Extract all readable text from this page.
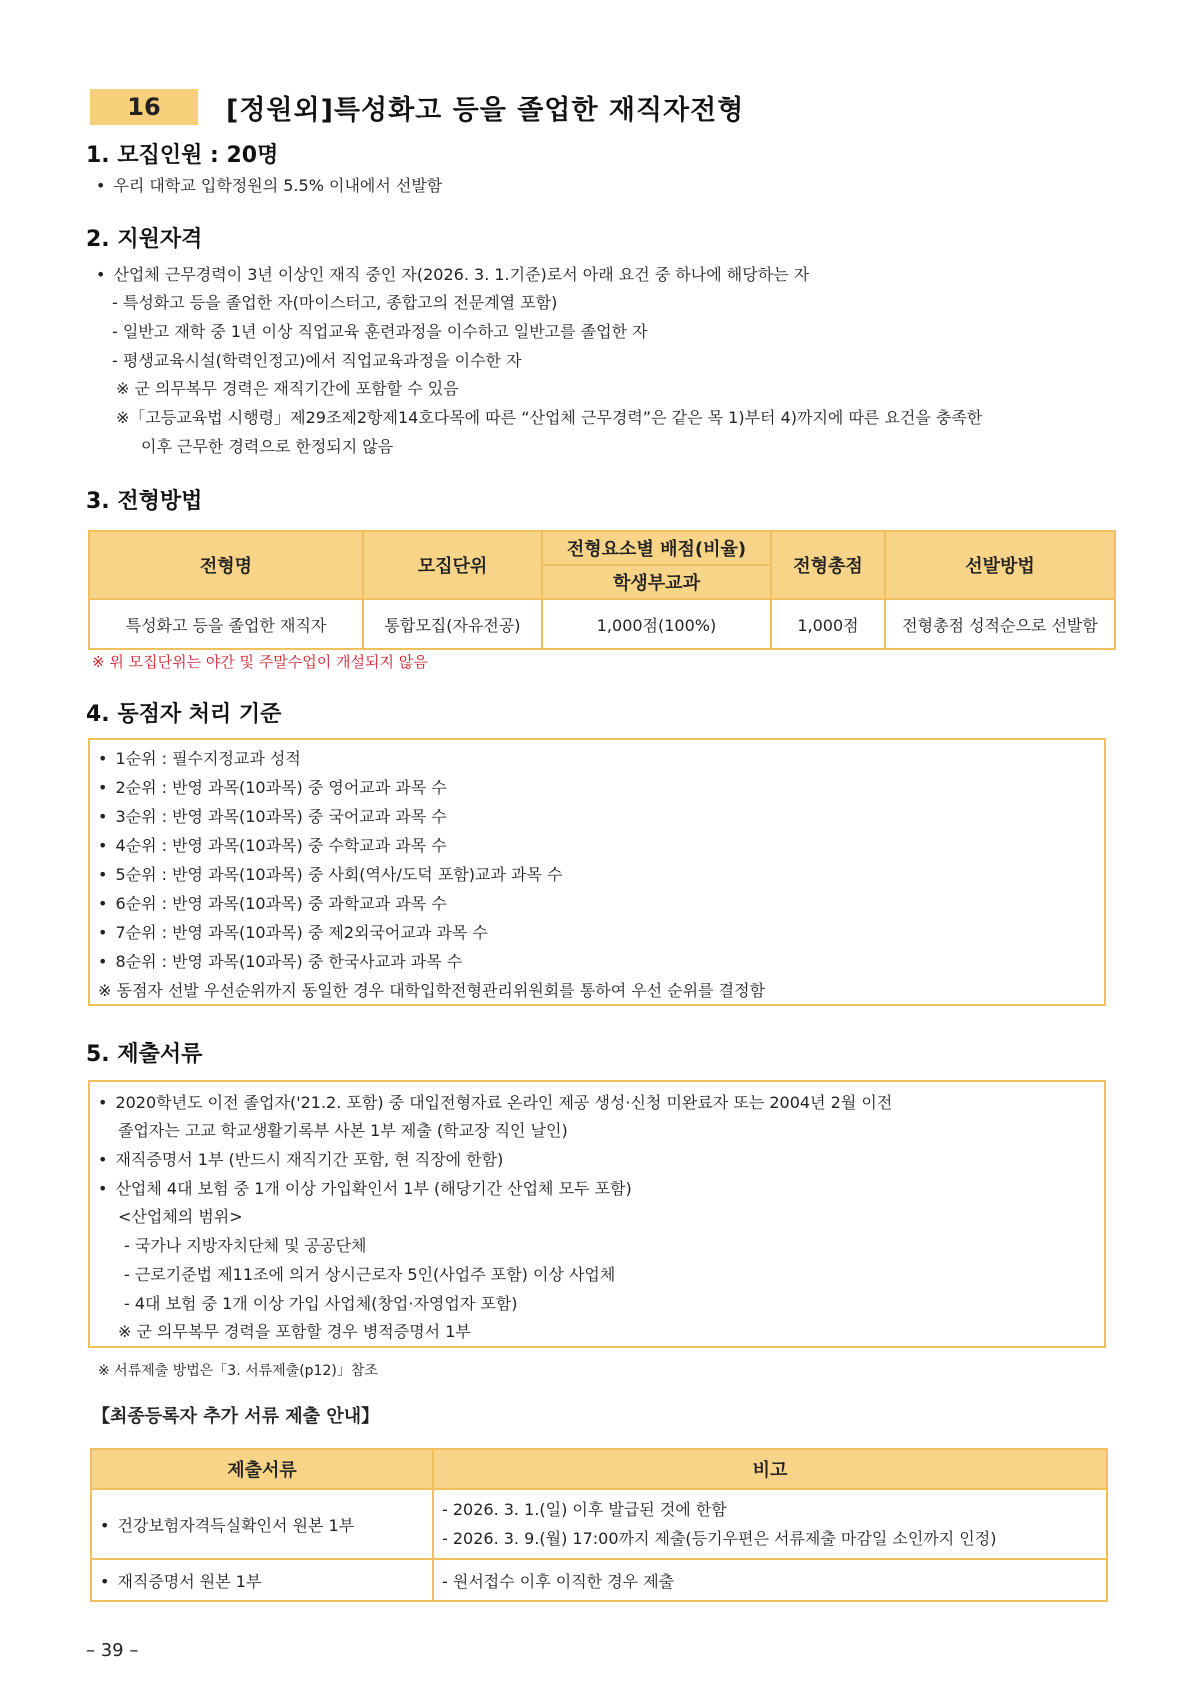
16	[정원외]특성화고 등을 졸업한 재직자전형
1. 모집인원 : 20명
• 우리 대학교 입학정원의 5.5% 이내에서 선발함
2. 지원자격
• 산업체 근무경력이 3년 이상인 재직 중인 자(2026. 3. 1.기준)로서 아래 요건 중 하나에 해당하는 자
- 특성화고 등을 졸업한 자(마이스터고, 종합고의 전문계열 포함)
- 일반고 재학 중 1년 이상 직업교육 훈련과정을 이수하고 일반고를 졸업한 자
- 평생교육시설(학력인정고)에서 직업교육과정을 이수한 자
※ 군 의무복무 경력은 재직기간에 포함할 수 있음
※「고등교육법 시행령」제29조제2항제14호다목에 따른 “산업체 근무경력”은 같은 목 1)부터 4)까지에 따른 요건을 충족한
이후 근무한 경력으로 한정되지 않음
3. 전형방법
전형명	모집단위	전형요소별 배점(비율)	전형총점	선발방법
		학생부교과		
특성화고 등을 졸업한 재직자	통합모집(자유전공)	1,000점(100%)	1,000점	전형총점 성적순으로 선발함
※ 위 모집단위는 야간 및 주말수업이 개설되지 않음
4. 동점자 처리 기준
• 1순위 : 필수지정교과 성적
• 2순위 : 반영 과목(10과목) 중 영어교과 과목 수
• 3순위 : 반영 과목(10과목) 중 국어교과 과목 수
• 4순위 : 반영 과목(10과목) 중 수학교과 과목 수
• 5순위 : 반영 과목(10과목) 중 사회(역사/도덕 포함)교과 과목 수
• 6순위 : 반영 과목(10과목) 중 과학교과 과목 수
• 7순위 : 반영 과목(10과목) 중 제2외국어교과 과목 수
• 8순위 : 반영 과목(10과목) 중 한국사교과 과목 수
※ 동점자 선발 우선순위까지 동일한 경우 대학입학전형관리위원회를 통하여 우선 순위를 결정함
5. 제출서류
• 2020학년도 이전 졸업자('21.2. 포함) 중 대입전형자료 온라인 제공 생성·신청 미완료자 또는 2004년 2월 이전
졸업자는 고교 학교생활기록부 사본 1부 제출 (학교장 직인 날인)
• 재직증명서 1부 (반드시 재직기간 포함, 현 직장에 한함)
• 산업체 4대 보험 중 1개 이상 가입확인서 1부 (해당기간 산업체 모두 포함)
<산업체의 범위>
- 국가나 지방자치단체 및 공공단체
- 근로기준법 제11조에 의거 상시근로자 5인(사업주 포함) 이상 사업체
- 4대 보험 중 1개 이상 가입 사업체(창업·자영업자 포함)
※ 군 의무복무 경력을 포함할 경우 병적증명서 1부
※ 서류제출 방법은「3. 서류제출(p12)」참조
【최종등록자 추가 서류 제출 안내】
제출서류	비고
• 건강보험자격득실확인서 원본 1부	- 2026. 3. 1.(일) 이후 발급된 것에 한함
- 2026. 3. 9.(월) 17:00까지 제출(등기우편은 서류제출 마감일 소인까지 인정)

• 재직증명서 원본 1부	- 원서접수 이후 이직한 경우 제출
– 39 –
